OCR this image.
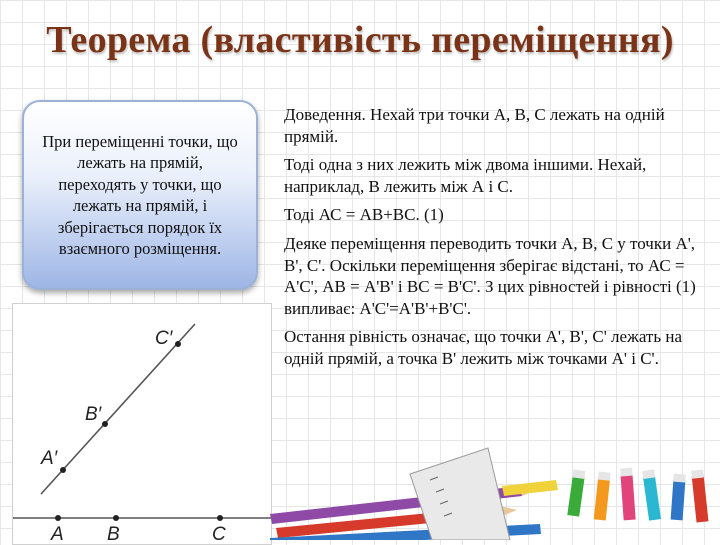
Теорема (властивість переміщення)
При переміщенні точки, що лежать на прямій, переходять у точки, що лежать на прямій, і зберігається порядок їх взаємного розміщення.

Доведення. Нехай три точки А, В, С лежать на одній прямій.

Тоді одна з них лежить між двома іншими. Нехай, наприклад, В лежить між А і С.

Тоді АС = АВ+ВС. (1)

Деяке переміщення переводить точки А, В, С у точки А', В', С'. Оскільки переміщення зберігає відстані, то АС = А'С', АВ = А'В' і ВС = В'С'. З цих рівностей і рівності (1) випливає: А'С'=А'В'+В'С'.

Остання рівність означає, що точки А', В', С' лежать на одній прямій, а точка В' лежить між точками А' і С'.

A′
B′
C′
A B	C
